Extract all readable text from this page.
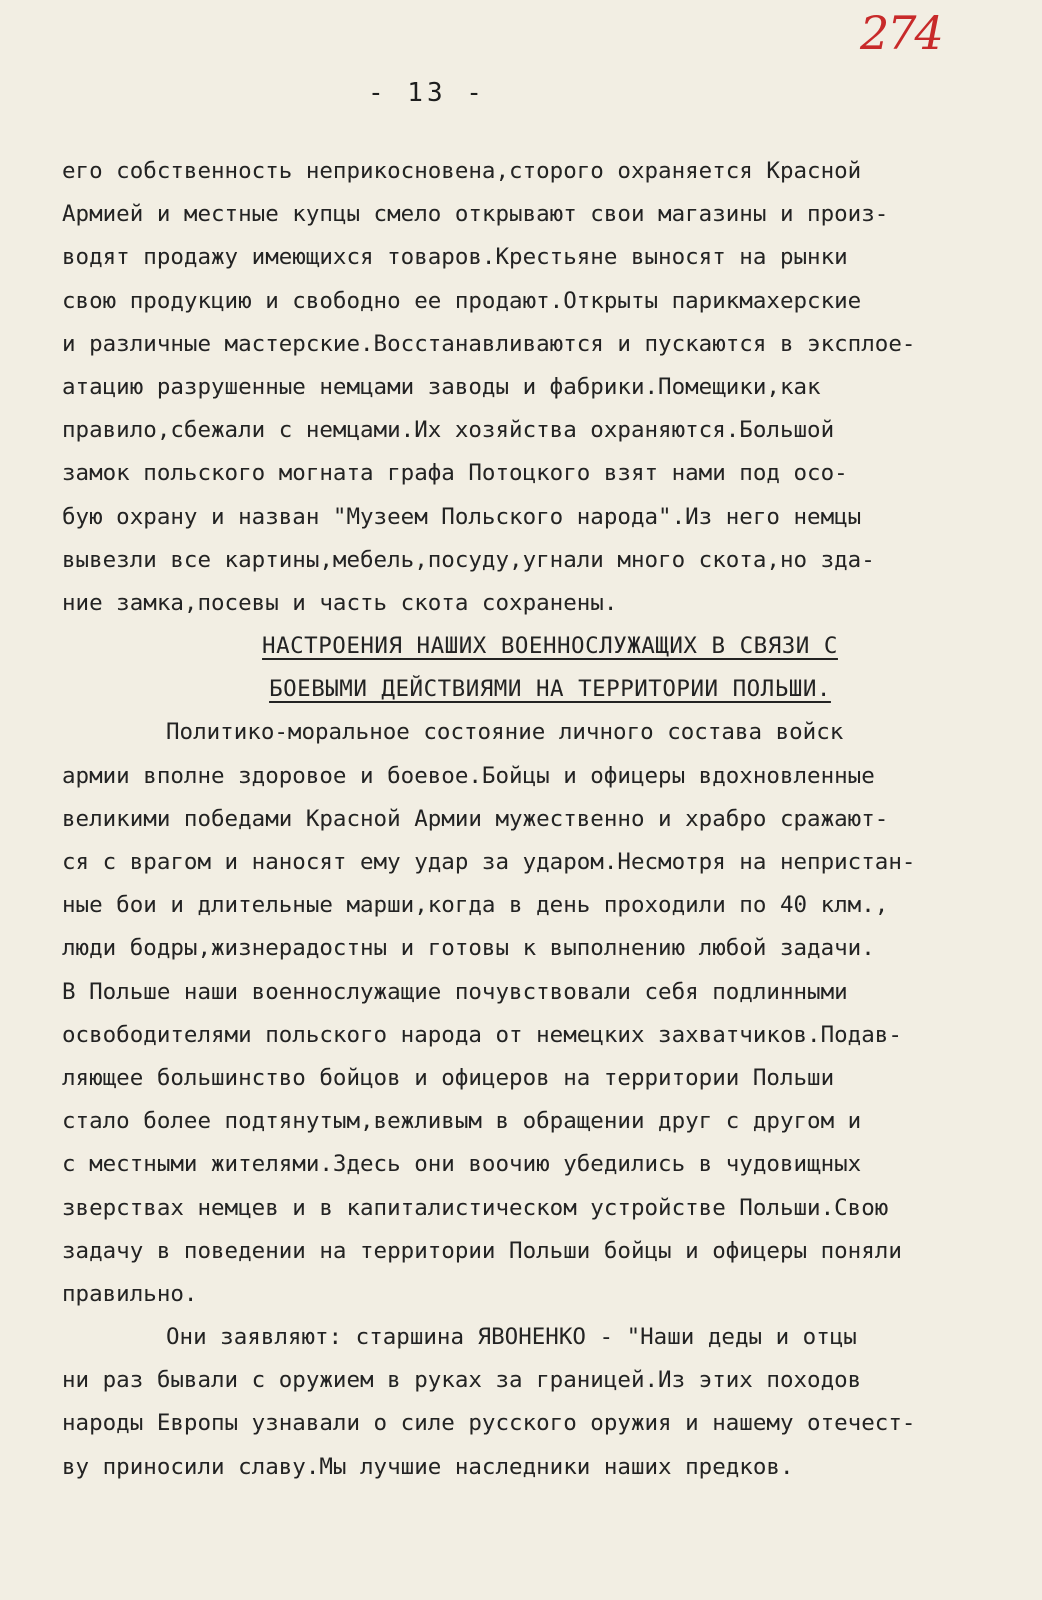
274
- 13 -
его собственность неприкосновена,сторого охраняется Красной
Армией и местные купцы смело открывают свои магазины и произ-
водят продажу имеющихся товаров.Крестьяне выносят на рынки
свою продукцию и свободно ее продают.Открыты парикмахерские
и различные мастерские.Восстанавливаются и пускаются в эксплое-
атацию разрушенные немцами заводы и фабрики.Помещики,как
правило,сбежали с немцами.Их хозяйства охраняются.Большой
замок польского могната графа Потоцкого взят нами под осо-
бую охрану и назван "Музеем Польского народа".Из него немцы
вывезли все картины,мебель,посуду,угнали много скота,но зда-
ние замка,посевы и часть скота сохранены.
НАСТРОЕНИЯ НАШИХ ВОЕННОСЛУЖАЩИХ В СВЯЗИ С
БОЕВЫМИ ДЕЙСТВИЯМИ НА ТЕРРИТОРИИ ПОЛЬШИ.
Политико-моральное состояние личного состава войск
армии вполне здоровое и боевое.Бойцы и офицеры вдохновленные
великими победами Красной Армии мужественно и храбро сражают-
ся с врагом и наносят ему удар за ударом.Несмотря на непристан-
ные бои и длительные марши,когда в день проходили по 40 клм.,
люди бодры,жизнерадостны и готовы к выполнению любой задачи.
В Польше наши военнослужащие почувствовали себя подлинными
освободителями польского народа от немецких захватчиков.Подав-
ляющее большинство бойцов и офицеров на территории Польши
стало более подтянутым,вежливым в обращении друг с другом и
с местными жителями.Здесь они воочию убедились в чудовищных
зверствах немцев и в капиталистическом устройстве Польши.Свою
задачу в поведении на территории Польши бойцы и офицеры поняли
правильно.
Они заявляют: старшина ЯВОНЕНКО - "Наши деды и отцы
ни раз бывали с оружием в руках за границей.Из этих походов
народы Европы узнавали о силе русского оружия и нашему отечест-
ву приносили славу.Мы лучшие наследники наших предков.
